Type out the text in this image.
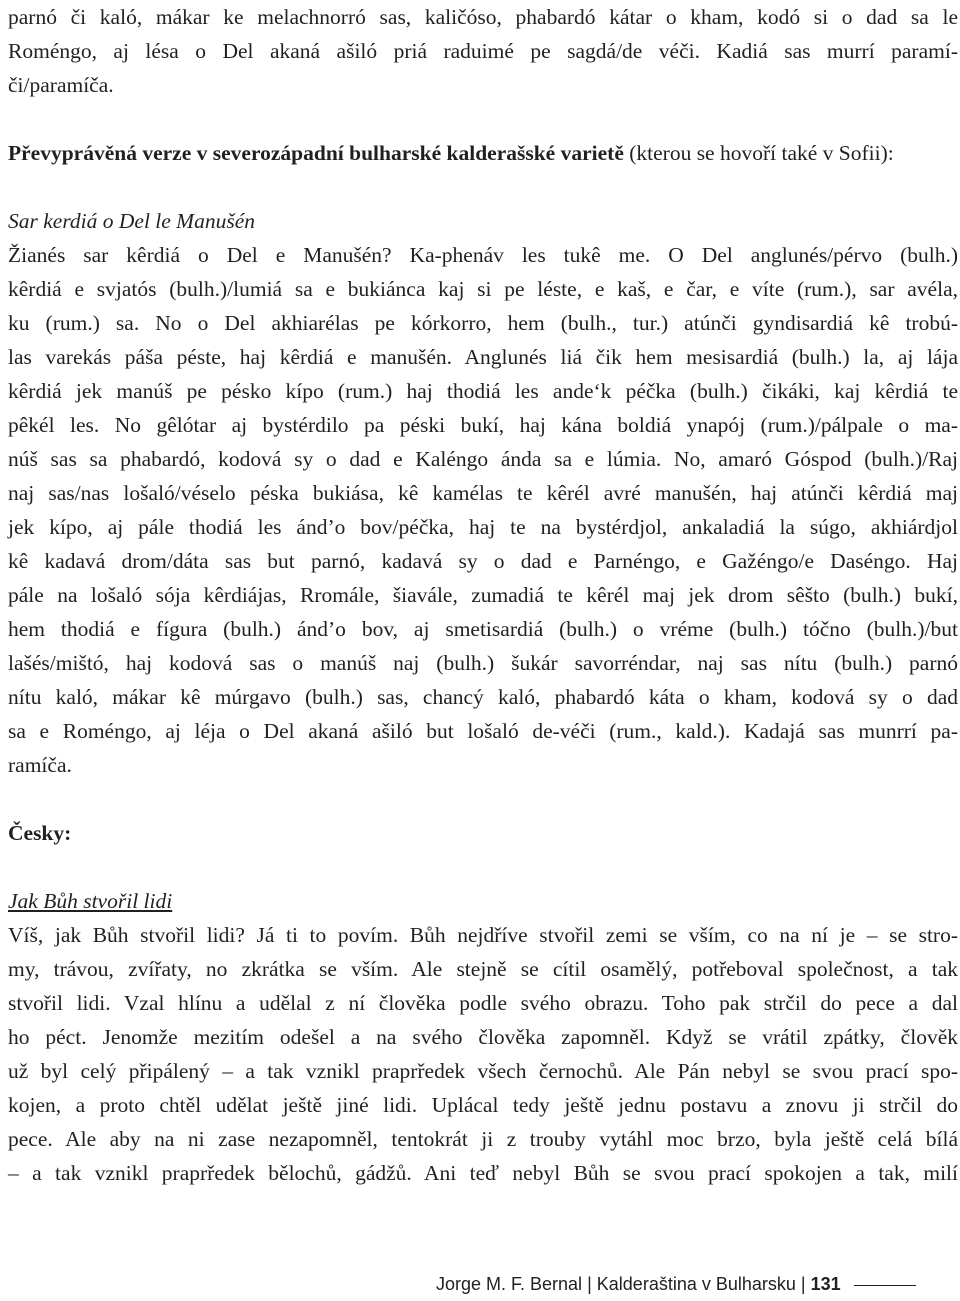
parnó či kaló, mákar ke melachnorró sas, kaličóso, phabardó kátar o kham, kodó si o dad sa le
Roméngo, aj lésa o Del akaná ašiló priá raduimé pe sagdá/de véči. Kadiá sas murrí paramí-
či/paramíča.
Převyprávěná verze v severozápadní bulharské kalderašské varietě (kterou se hovoří také v Sofii):
Sar kerdiá o Del le Manušén
Žianés sar kêrdiá o Del e Manušén? Ka-phenáv les tukê me. O Del anglunés/pérvo (bulh.)
kêrdiá e svjatós (bulh.)/lumiá sa e bukiánca kaj si pe léste, e kaš, e čar, e víte (rum.), sar avéla,
ku (rum.) sa. No o Del akhiarélas pe kórkorro, hem (bulh., tur.) atúnči gyndisardiá kê trobú-
las varekás páša péste, haj kêrdiá e manušén. Anglunés liá čik hem mesisardiá (bulh.) la, aj lája
kêrdiá jek manúš pe pésko kípo (rum.) haj thodiá les ande‘k péčka (bulh.) čikáki, kaj kêrdiá te
pêkél les. No gêlótar aj bystérdilo pa péski bukí, haj kána boldiá ynapój (rum.)/pálpale o ma-
núš sas sa phabardó, kodová sy o dad e Kaléngo ánda sa e lúmia. No, amaró Góspod (bulh.)/Raj
naj sas/nas lošaló/véselo péska bukiása, kê kamélas te kêrél avré manušén, haj atúnči kêrdiá maj
jek kípo, aj pále thodiá les ánd’o bov/péčka, haj te na bystérdjol, ankaladiá la súgo, akhiárdjol
kê kadavá drom/dáta sas but parnó, kadavá sy o dad e Parnéngo, e Gažéngo/e Daséngo. Haj
pále na lošaló sója kêrdiájas, Rromále, šiavále, zumadiá te kêrél maj jek drom sêšto (bulh.) bukí,
hem thodiá e fígura (bulh.) ánd’o bov, aj smetisardiá (bulh.) o vréme (bulh.) tóčno (bulh.)/but
lašés/mištó, haj kodová sas o manúš naj (bulh.) šukár savorréndar, naj sas nítu (bulh.) parnó
nítu kaló, mákar kê múrgavo (bulh.) sas, chancý kaló, phabardó káta o kham, kodová sy o dad
sa e Roméngo, aj léja o Del akaná ašiló but lošaló de-véči (rum., kald.). Kadajá sas munrrí pa-
ramíča.
Česky:
Jak Bůh stvořil lidi
Víš, jak Bůh stvořil lidi? Já ti to povím. Bůh nejdříve stvořil zemi se vším, co na ní je – se stro-
my, trávou, zvířaty, no zkrátka se vším. Ale stejně se cítil osamělý, potřeboval společnost, a tak
stvořil lidi. Vzal hlínu a udělal z ní člověka podle svého obrazu. Toho pak strčil do pece a dal
ho péct. Jenomže mezitím odešel a na svého člověka zapomněl. Když se vrátil zpátky, člověk
už byl celý připálený – a tak vznikl praprředek všech černochů. Ale Pán nebyl se svou prací spo-
kojen, a proto chtěl udělat ještě jiné lidi. Uplácal tedy ještě jednu postavu a znovu ji strčil do
pece. Ale aby na ni zase nezapomněl, tentokrát ji z trouby vytáhl moc brzo, byla ještě celá bílá
– a tak vznikl praprředek bělochů, gádžů. Ani teď nebyl Bůh se svou prací spokojen a tak, milí
Jorge M. F. Bernal | Kalderaština v Bulharsku | 131
